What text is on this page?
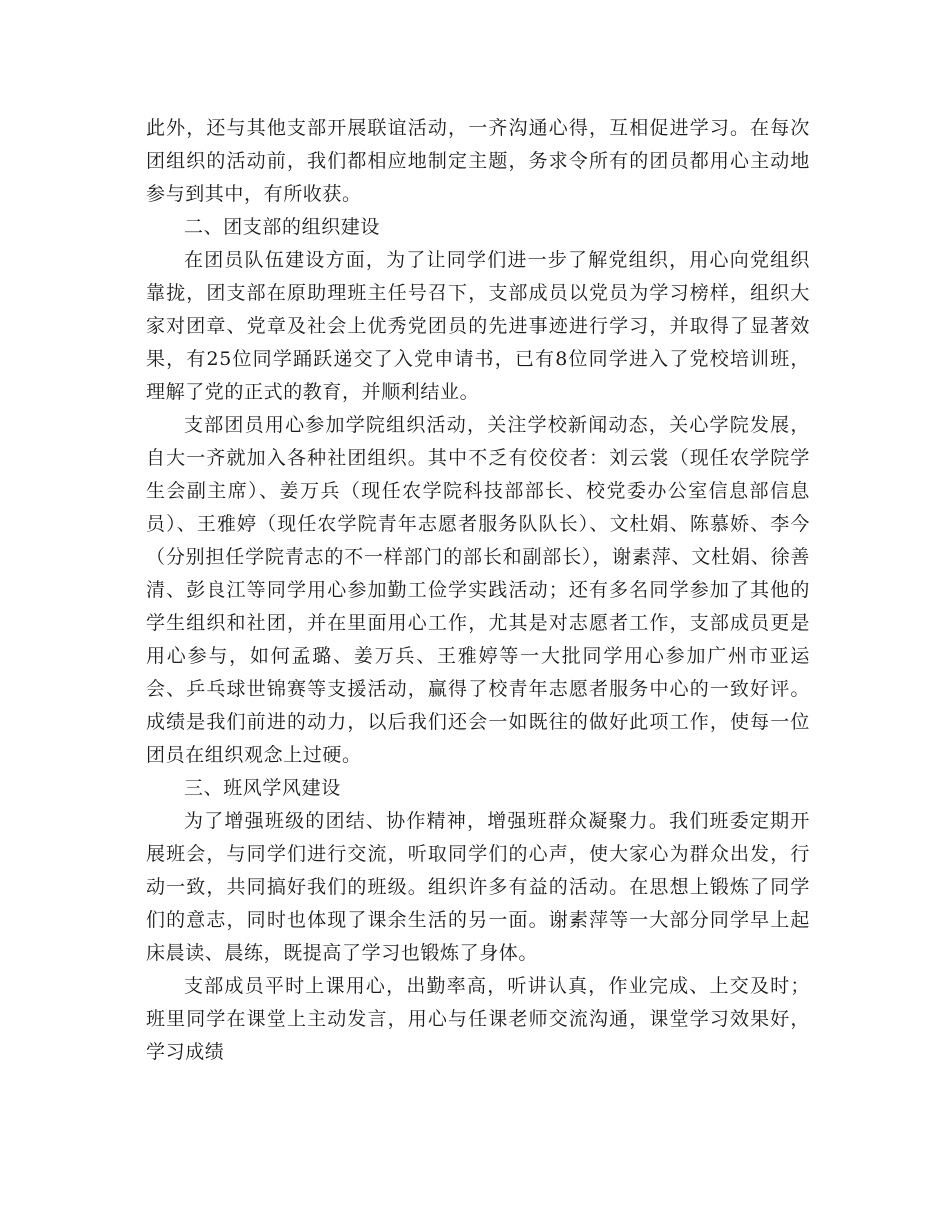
此外，还与其他支部开展联谊活动，一齐沟通心得，互相促进学习。在每次团组织的活动前，我们都相应地制定主题，务求令所有的团员都用心主动地参与到其中，有所收获。

二、团支部的组织建设

在团员队伍建设方面，为了让同学们进一步了解党组织，用心向党组织靠拢，团支部在原助理班主任号召下，支部成员以党员为学习榜样，组织大家对团章、党章及社会上优秀党团员的先进事迹进行学习，并取得了显著效果，有25位同学踊跃递交了入党申请书，已有8位同学进入了党校培训班，理解了党的正式的教育，并顺利结业。

支部团员用心参加学院组织活动，关注学校新闻动态，关心学院发展，自大一齐就加入各种社团组织。其中不乏有佼佼者：刘云裳（现任农学院学生会副主席）、姜万兵（现任农学院科技部部长、校党委办公室信息部信息员）、王雅婷（现任农学院青年志愿者服务队队长）、文杜娟、陈慕娇、李今（分别担任学院青志的不一样部门的部长和副部长），谢素萍、文杜娟、徐善清、彭良江等同学用心参加勤工俭学实践活动；还有多名同学参加了其他的学生组织和社团，并在里面用心工作，尤其是对志愿者工作，支部成员更是用心参与，如何孟璐、姜万兵、王雅婷等一大批同学用心参加广州市亚运会、乒乓球世锦赛等支援活动，赢得了校青年志愿者服务中心的一致好评。成绩是我们前进的动力，以后我们还会一如既往的做好此项工作，使每一位团员在组织观念上过硬。

三、班风学风建设

为了增强班级的团结、协作精神，增强班群众凝聚力。我们班委定期开展班会，与同学们进行交流，听取同学们的心声，使大家心为群众出发，行动一致，共同搞好我们的班级。组织许多有益的活动。在思想上锻炼了同学们的意志，同时也体现了课余生活的另一面。谢素萍等一大部分同学早上起床晨读、晨练，既提高了学习也锻炼了身体。

支部成员平时上课用心，出勤率高，听讲认真，作业完成、上交及时；班里同学在课堂上主动发言，用心与任课老师交流沟通，课堂学习效果好，学习成绩
